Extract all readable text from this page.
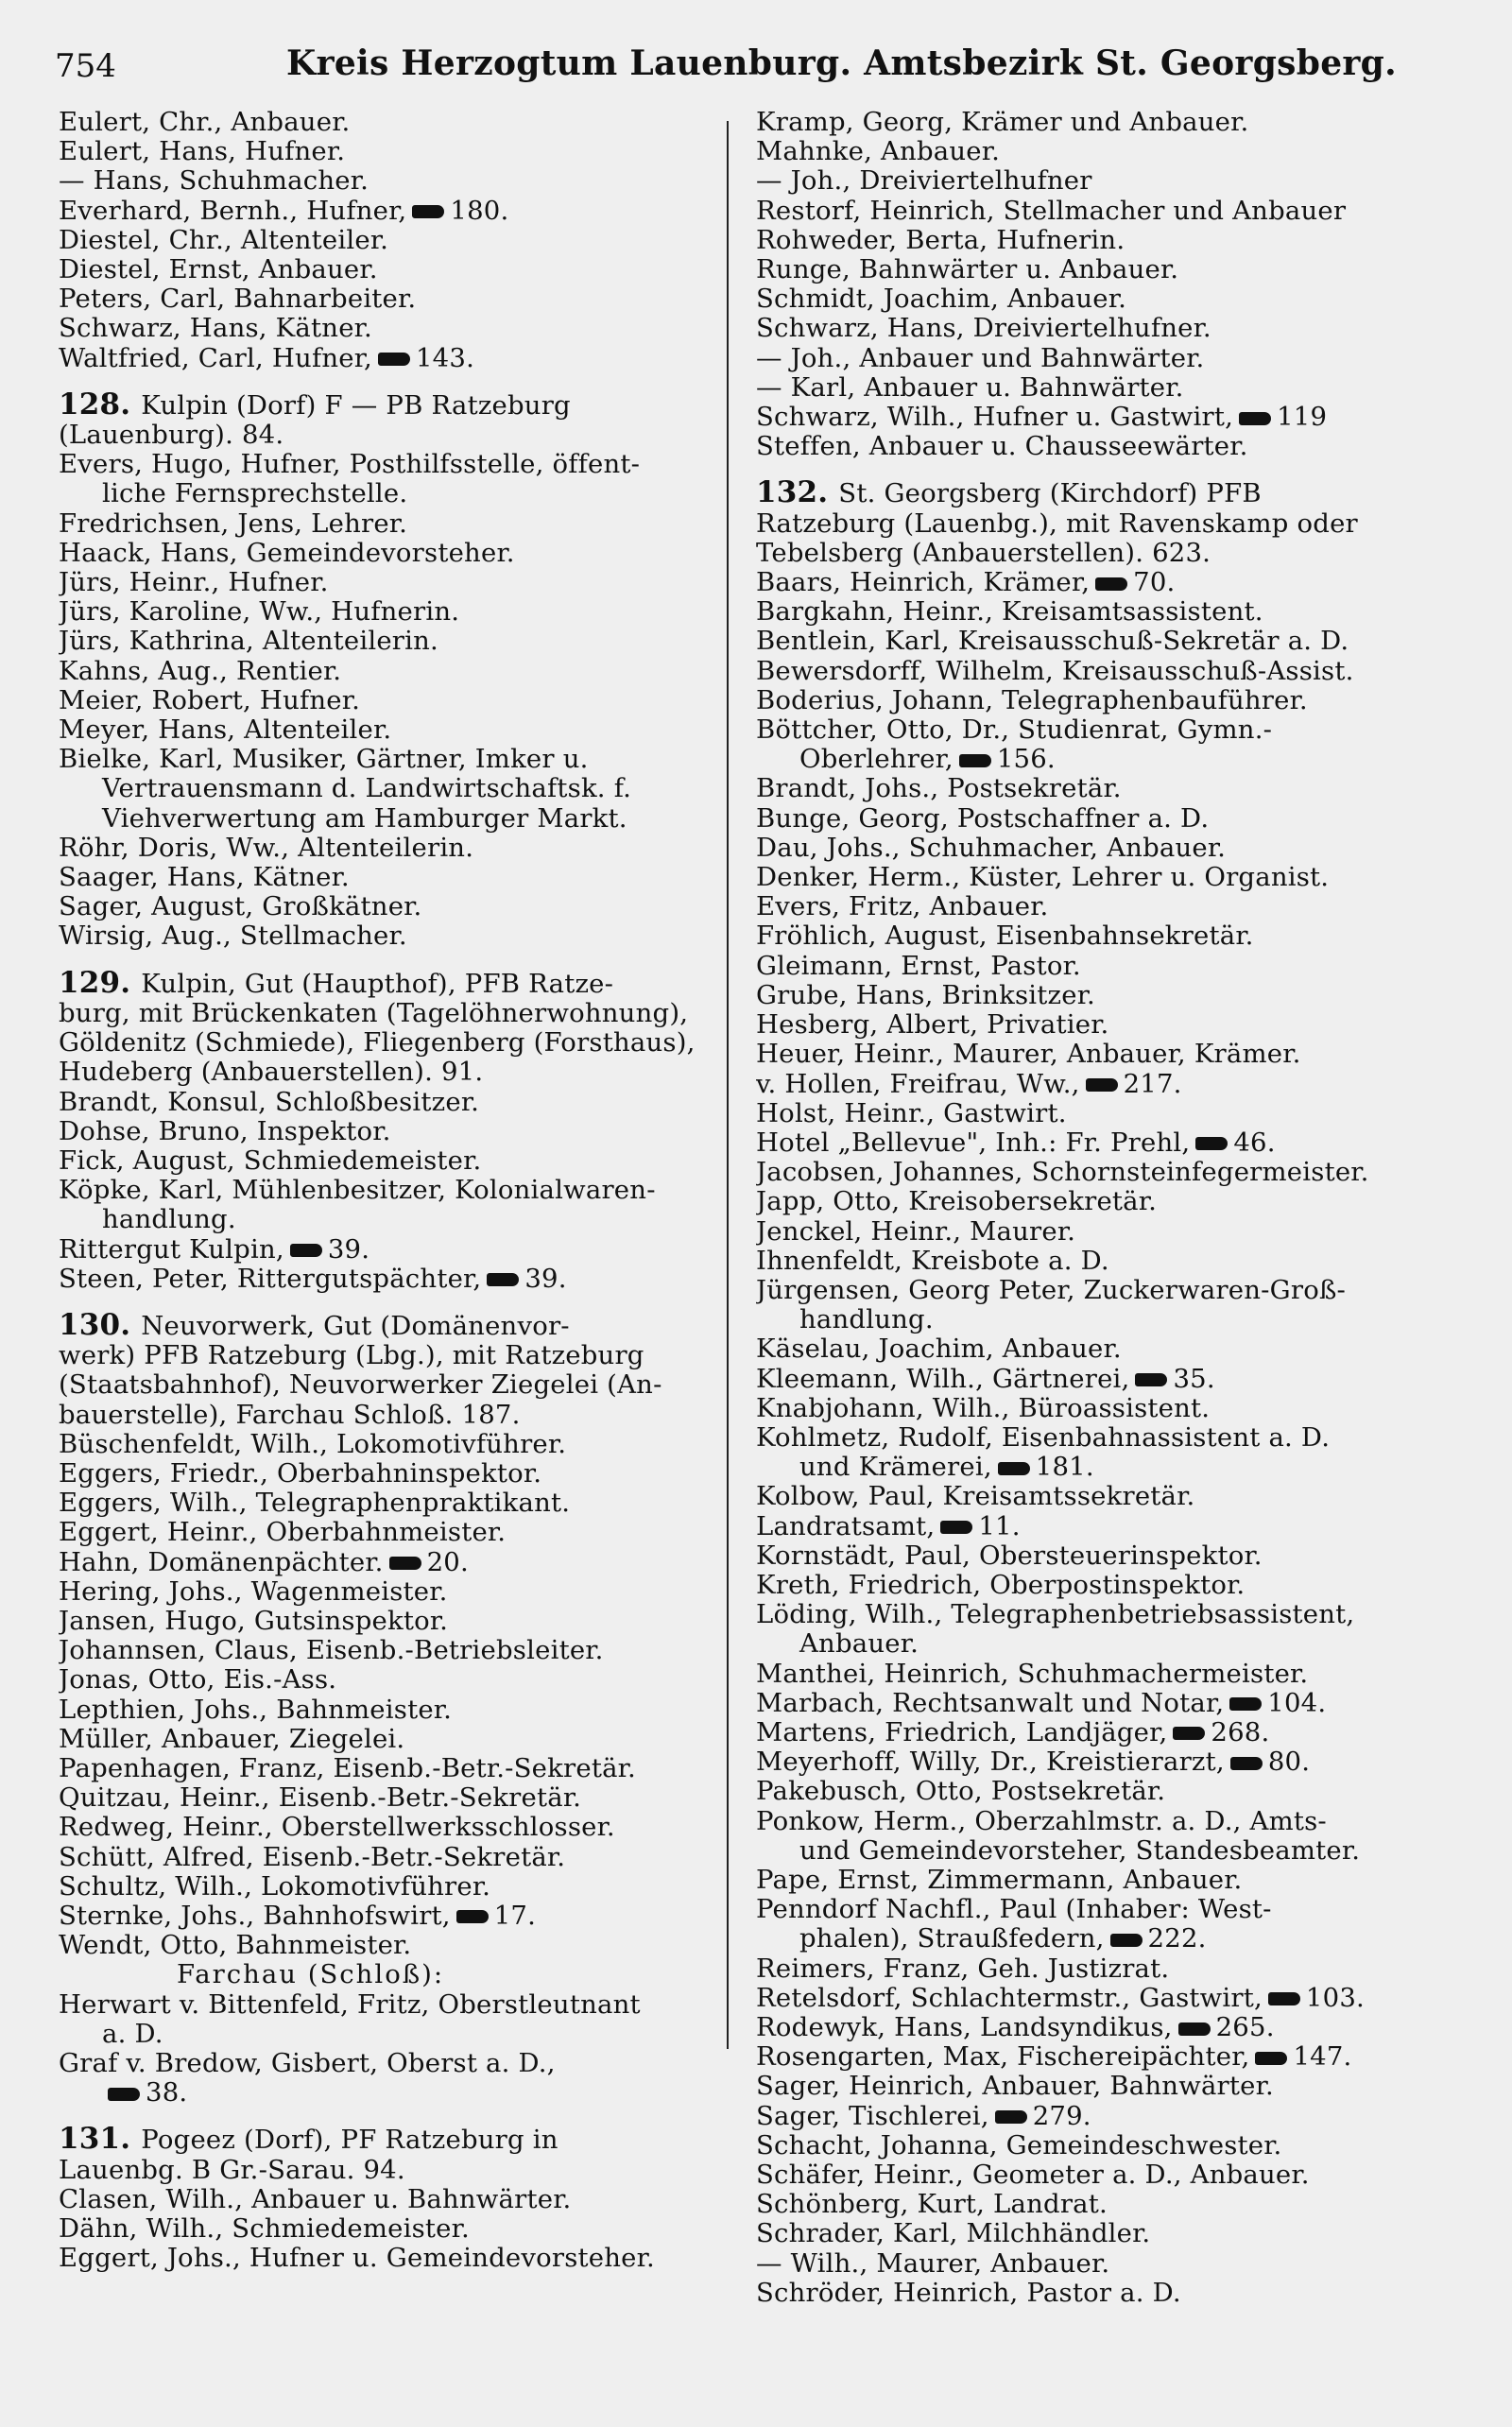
754	Kreis Herzogtum Lauenburg. Amtsbezirk St. Georgsberg.
Eulert, Chr., Anbauer.
Eulert, Hans, Hufner.
— Hans, Schuhmacher.
Everhard, Bernh., Hufner, 180.
Diestel, Chr., Altenteiler.
Diestel, Ernst, Anbauer.
Peters, Carl, Bahnarbeiter.
Schwarz, Hans, Kätner.
Waltfried, Carl, Hufner, 143.
128. Kulpin (Dorf) F — PB Ratzeburg
(Lauenburg). 84.
Evers, Hugo, Hufner, Posthilfsstelle, öffent-
liche Fernsprechstelle.
Fredrichsen, Jens, Lehrer.
Haack, Hans, Gemeindevorsteher.
Jürs, Heinr., Hufner.
Jürs, Karoline, Ww., Hufnerin.
Jürs, Kathrina, Altenteilerin.
Kahns, Aug., Rentier.
Meier, Robert, Hufner.
Meyer, Hans, Altenteiler.
Bielke, Karl, Musiker, Gärtner, Imker u.
Vertrauensmann d. Landwirtschaftsk. f.
Viehverwertung am Hamburger Markt.
Röhr, Doris, Ww., Altenteilerin.
Saager, Hans, Kätner.
Sager, August, Großkätner.
Wirsig, Aug., Stellmacher.
129. Kulpin, Gut (Haupthof), PFB Ratze-
burg, mit Brückenkaten (Tagelöhnerwohnung),
Göldenitz (Schmiede), Fliegenberg (Forsthaus),
Hudeberg (Anbauerstellen). 91.
Brandt, Konsul, Schloßbesitzer.
Dohse, Bruno, Inspektor.
Fick, August, Schmiedemeister.
Köpke, Karl, Mühlenbesitzer, Kolonialwaren-
handlung.
Rittergut Kulpin, 39.
Steen, Peter, Rittergutspächter, 39.
130. Neuvorwerk, Gut (Domänenvor-
werk) PFB Ratzeburg (Lbg.), mit Ratzeburg
(Staatsbahnhof), Neuvorwerker Ziegelei (An-
bauerstelle), Farchau Schloß. 187.
Büschenfeldt, Wilh., Lokomotivführer.
Eggers, Friedr., Oberbahninspektor.
Eggers, Wilh., Telegraphenpraktikant.
Eggert, Heinr., Oberbahnmeister.
Hahn, Domänenpächter. 20.
Hering, Johs., Wagenmeister.
Jansen, Hugo, Gutsinspektor.
Johannsen, Claus, Eisenb.-Betriebsleiter.
Jonas, Otto, Eis.-Ass.
Lepthien, Johs., Bahnmeister.
Müller, Anbauer, Ziegelei.
Papenhagen, Franz, Eisenb.-Betr.-Sekretär.
Quitzau, Heinr., Eisenb.-Betr.-Sekretär.
Redweg, Heinr., Oberstellwerksschlosser.
Schütt, Alfred, Eisenb.-Betr.-Sekretär.
Schultz, Wilh., Lokomotivführer.
Sternke, Johs., Bahnhofswirt, 17.
Wendt, Otto, Bahnmeister.
Farchau (Schloß):
Herwart v. Bittenfeld, Fritz, Oberstleutnant
a. D.
Graf v. Bredow, Gisbert, Oberst a. D.,
38.
131. Pogeez (Dorf), PF Ratzeburg in
Lauenbg. B Gr.-Sarau. 94.
Clasen, Wilh., Anbauer u. Bahnwärter.
Dähn, Wilh., Schmiedemeister.
Eggert, Johs., Hufner u. Gemeindevorsteher.
Kramp, Georg, Krämer und Anbauer.
Mahnke, Anbauer.
— Joh., Dreiviertelhufner
Restorf, Heinrich, Stellmacher und Anbauer
Rohweder, Berta, Hufnerin.
Runge, Bahnwärter u. Anbauer.
Schmidt, Joachim, Anbauer.
Schwarz, Hans, Dreiviertelhufner.
— Joh., Anbauer und Bahnwärter.
— Karl, Anbauer u. Bahnwärter.
Schwarz, Wilh., Hufner u. Gastwirt, 119
Steffen, Anbauer u. Chausseewärter.
132. St. Georgsberg (Kirchdorf) PFB
Ratzeburg (Lauenbg.), mit Ravenskamp oder
Tebelsberg (Anbauerstellen). 623.
Baars, Heinrich, Krämer, 70.
Bargkahn, Heinr., Kreisamtsassistent.
Bentlein, Karl, Kreisausschuß-Sekretär a. D.
Bewersdorff, Wilhelm, Kreisausschuß-Assist.
Boderius, Johann, Telegraphenbauführer.
Böttcher, Otto, Dr., Studienrat, Gymn.-
Oberlehrer, 156.
Brandt, Johs., Postsekretär.
Bunge, Georg, Postschaffner a. D.
Dau, Johs., Schuhmacher, Anbauer.
Denker, Herm., Küster, Lehrer u. Organist.
Evers, Fritz, Anbauer.
Fröhlich, August, Eisenbahnsekretär.
Gleimann, Ernst, Pastor.
Grube, Hans, Brinksitzer.
Hesberg, Albert, Privatier.
Heuer, Heinr., Maurer, Anbauer, Krämer.
v. Hollen, Freifrau, Ww., 217.
Holst, Heinr., Gastwirt.
Hotel „Bellevue", Inh.: Fr. Prehl, 46.
Jacobsen, Johannes, Schornsteinfegermeister.
Japp, Otto, Kreisobersekretär.
Jenckel, Heinr., Maurer.
Ihnenfeldt, Kreisbote a. D.
Jürgensen, Georg Peter, Zuckerwaren-Groß-
handlung.
Käselau, Joachim, Anbauer.
Kleemann, Wilh., Gärtnerei, 35.
Knabjohann, Wilh., Büroassistent.
Kohlmetz, Rudolf, Eisenbahnassistent a. D.
und Krämerei, 181.
Kolbow, Paul, Kreisamtssekretär.
Landratsamt, 11.
Kornstädt, Paul, Obersteuerinspektor.
Kreth, Friedrich, Oberpostinspektor.
Löding, Wilh., Telegraphenbetriebsassistent,
Anbauer.
Manthei, Heinrich, Schuhmachermeister.
Marbach, Rechtsanwalt und Notar, 104.
Martens, Friedrich, Landjäger, 268.
Meyerhoff, Willy, Dr., Kreistierarzt, 80.
Pakebusch, Otto, Postsekretär.
Ponkow, Herm., Oberzahlmstr. a. D., Amts-
und Gemeindevorsteher, Standesbeamter.
Pape, Ernst, Zimmermann, Anbauer.
Penndorf Nachfl., Paul (Inhaber: West-
phalen), Straußfedern, 222.
Reimers, Franz, Geh. Justizrat.
Retelsdorf, Schlachtermstr., Gastwirt, 103.
Rodewyk, Hans, Landsyndikus, 265.
Rosengarten, Max, Fischereipächter, 147.
Sager, Heinrich, Anbauer, Bahnwärter.
Sager, Tischlerei, 279.
Schacht, Johanna, Gemeindeschwester.
Schäfer, Heinr., Geometer a. D., Anbauer.
Schönberg, Kurt, Landrat.
Schrader, Karl, Milchhändler.
— Wilh., Maurer, Anbauer.
Schröder, Heinrich, Pastor a. D.
